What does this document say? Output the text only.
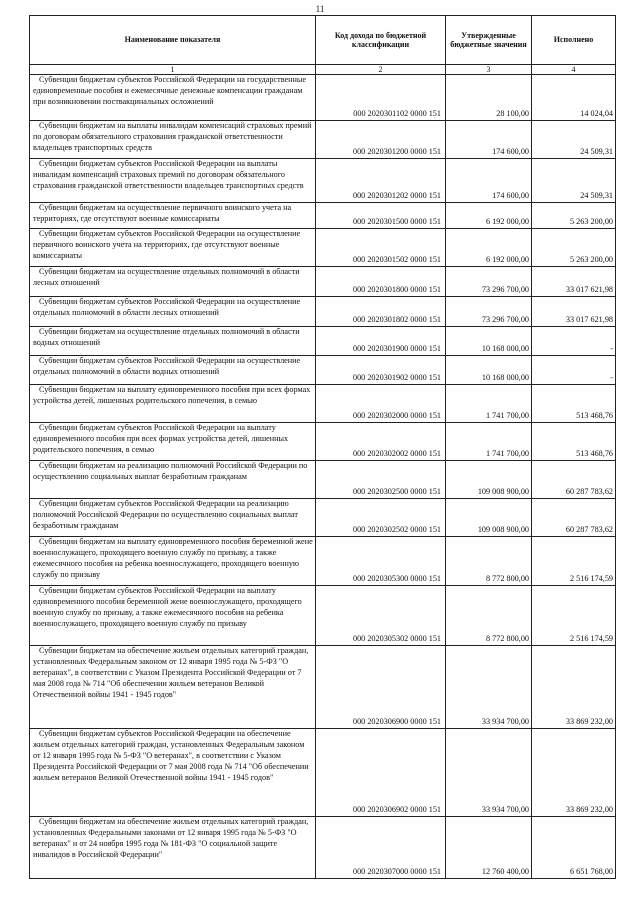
11
Наименование показателя	Код дохода по бюджетной классификации	Утвержденные бюджетные значения	Исполнено
1	2	3	4

Субвенции бюджетам субъектов Российской Федерации на государственные единовременные пособия и ежемесячные денежные компенсации гражданам при возникновении поствакцинальных осложнений	000 2020301102 0000 151	28 100,00	14 024,04

Субвенции бюджетам на выплаты инвалидам компенсаций страховых премий по договорам обязательного страхования гражданской ответственности владельцев транспортных средств	000 2020301200 0000 151	174 600,00	24 509,31

Субвенции бюджетам субъектов Российской Федерации на выплаты инвалидам компенсаций страховых премий по договорам обязательного страхования гражданской ответственности владельцев транспортных средств	000 2020301202 0000 151	174 600,00	24 509,31

Субвенции бюджетам на осуществление первичного воинского учета на территориях, где отсутствуют военные комиссариаты	000 2020301500 0000 151	6 192 000,00	5 263 200,00

Субвенции бюджетам субъектов Российской Федерации на осуществление первичного воинского учета на территориях, где отсутствуют военные комиссариаты	000 2020301502 0000 151	6 192 000,00	5 263 200,00

Субвенции бюджетам на осуществление отдельных полномочий в области лесных отношений	000 2020301800 0000 151	73 296 700,00	33 017 621,98

Субвенции бюджетам субъектов Российской Федерации на осуществление отдельных полномочий в области лесных отношений	000 2020301802 0000 151	73 296 700,00	33 017 621,98

Субвенции бюджетам на осуществление отдельных полномочий в области водных отношений	000 2020301900 0000 151	10 168 000,00	-

Субвенции бюджетам субъектов Российской Федерации на осуществление отдельных полномочий в области водных отношений	000 2020301902 0000 151	10 168 000,00	-

Субвенции бюджетам на выплату единовременного пособия при всех формах устройства детей, лишенных родительского попечения, в семью	000 2020302000 0000 151	1 741 700,00	513 468,76

Субвенции бюджетам субъектов Российской Федерации на выплату единовременного пособия при всех формах устройства детей, лишенных родительского попечения, в семью	000 2020302002 0000 151	1 741 700,00	513 468,76

Субвенции бюджетам на реализацию полномочий Российской Федерации по осуществлению социальных выплат безработным гражданам	000 2020302500 0000 151	109 008 900,00	60 287 783,62

Субвенции бюджетам субъектов Российской Федерации на реализацию полномочий Российской Федерации по осуществлению социальных выплат безработным гражданам	000 2020302502 0000 151	109 008 900,00	60 287 783,62

Субвенции бюджетам на выплату единовременного пособия беременной жене военнослужащего, проходящего военную службу по призыву, а также ежемесячного пособия на ребенка военнослужащего, проходящего военную службу по призыву	000 2020305300 0000 151	8 772 800,00	2 516 174,59

Субвенции бюджетам субъектов Российской Федерации на выплату единовременного пособия беременной жене военнослужащего, проходящего военную службу по призыву, а также ежемесячного пособия на ребенка военнослужащего, проходящего военную службу по призыву	000 2020305302 0000 151	8 772 800,00	2 516 174,59

Субвенции бюджетам на обеспечение жильем отдельных категорий граждан, установленных Федеральным законом от 12 января 1995 года № 5-ФЗ "О ветеранах", в соответствии с Указом Президента Российской Федерации от 7 мая 2008 года № 714 "Об обеспечении жильем ветеранов Великой Отечественной войны 1941 - 1945 годов"	000 2020306900 0000 151	33 934 700,00	33 869 232,00

Субвенции бюджетам субъектов Российской Федерации на обеспечение жильем отдельных категорий граждан, установленных Федеральным законом от 12 января 1995 года № 5-ФЗ "О ветеранах", в соответствии с Указом Президента Российской Федерации от 7 мая 2008 года № 714 "Об обеспечении жильем ветеранов Великой Отечественной войны 1941 - 1945 годов"	000 2020306902 0000 151	33 934 700,00	33 869 232,00

Субвенции бюджетам на обеспечение жильем отдельных категорий граждан, установленных Федеральными законами от 12 января 1995 года № 5-ФЗ "О ветеранах" и от 24 ноября 1995 года № 181-ФЗ "О социальной защите инвалидов в Российской Федерации"	000 2020307000 0000 151	12 760 400,00	6 651 768,00
